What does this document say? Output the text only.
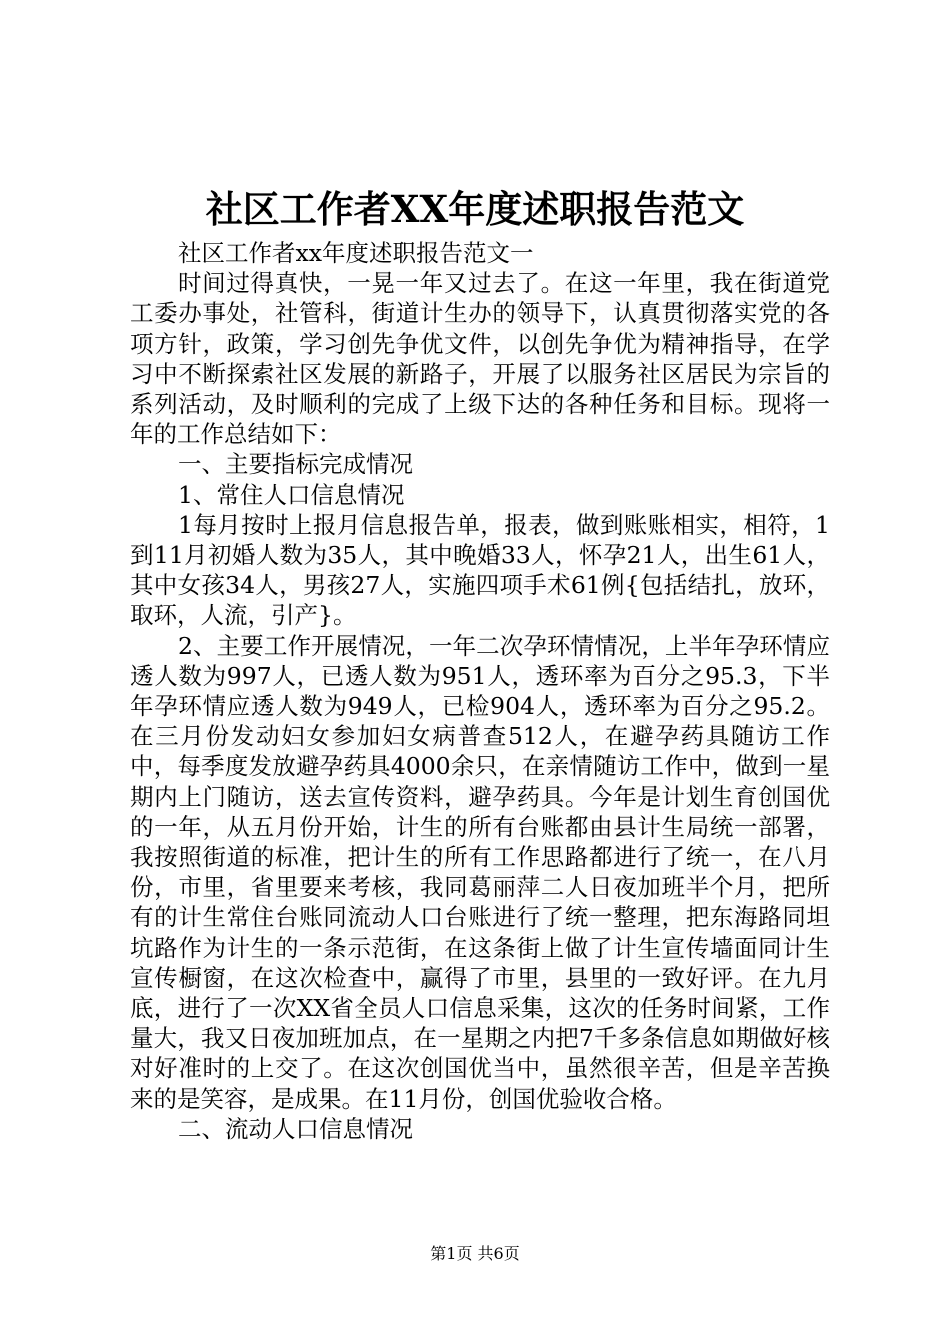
社区工作者XX年度述职报告范文

社区工作者xx年度述职报告范文一

时间过得真快，一晃一年又过去了。在这一年里，我在街道党工委办事处，社管科，街道计生办的领导下，认真贯彻落实党的各项方针，政策，学习创先争优文件，以创先争优为精神指导，在学习中不断探索社区发展的新路子，开展了以服务社区居民为宗旨的系列活动，及时顺利的完成了上级下达的各种任务和目标。现将一年的工作总结如下：

一、主要指标完成情况

1、常住人口信息情况

1每月按时上报月信息报告单，报表，做到账账相实，相符，1到11月初婚人数为35人，其中晚婚33人，怀孕21人，出生61人，其中女孩34人，男孩27人，实施四项手术61例{包括结扎，放环，取环，人流，引产}。

2、主要工作开展情况，一年二次孕环情情况，上半年孕环情应透人数为997人，已透人数为951人，透环率为百分之95.3，下半年孕环情应透人数为949人，已检904人，透环率为百分之95.2。在三月份发动妇女参加妇女病普查512人，在避孕药具随访工作中，每季度发放避孕药具4000余只，在亲情随访工作中，做到一星期内上门随访，送去宣传资料，避孕药具。今年是计划生育创国优的一年，从五月份开始，计生的所有台账都由县计生局统一部署，我按照街道的标准，把计生的所有工作思路都进行了统一，在八月份，市里，省里要来考核，我同葛丽萍二人日夜加班半个月，把所有的计生常住台账同流动人口台账进行了统一整理，把东海路同坦坑路作为计生的一条示范街，在这条街上做了计生宣传墙面同计生宣传橱窗，在这次检查中，赢得了市里，县里的一致好评。在九月底，进行了一次XX省全员人口信息采集，这次的任务时间紧，工作量大，我又日夜加班加点，在一星期之内把7千多条信息如期做好核对好准时的上交了。在这次创国优当中，虽然很辛苦，但是辛苦换来的是笑容，是成果。在11月份，创国优验收合格。

二、流动人口信息情况

第1页 共6页
